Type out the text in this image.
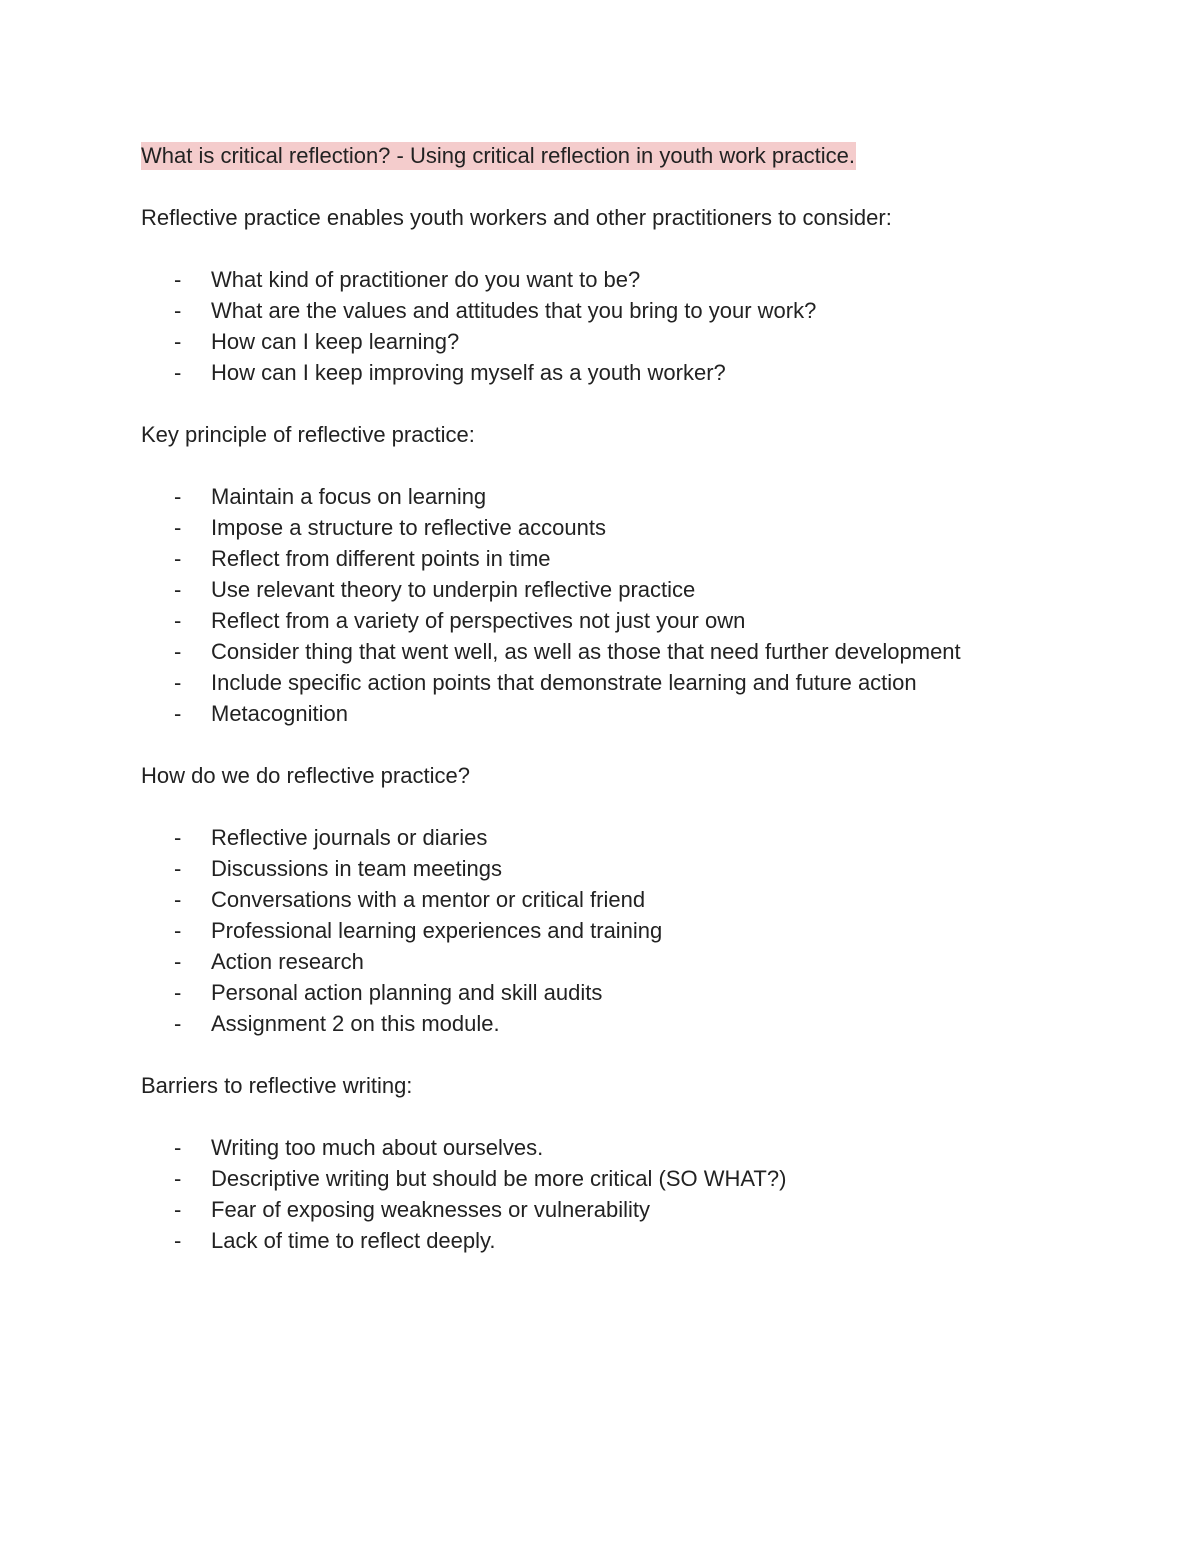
What is critical reflection? - Using critical reflection in youth work practice.
Reflective practice enables youth workers and other practitioners to consider:
- What kind of practitioner do you want to be?
- What are the values and attitudes that you bring to your work?
- How can I keep learning?
- How can I keep improving myself as a youth worker?
Key principle of reflective practice:
- Maintain a focus on learning
- Impose a structure to reflective accounts
- Reflect from different points in time
- Use relevant theory to underpin reflective practice
- Reflect from a variety of perspectives not just your own
- Consider thing that went well, as well as those that need further development
- Include specific action points that demonstrate learning and future action
- Metacognition
How do we do reflective practice?
- Reflective journals or diaries
- Discussions in team meetings
- Conversations with a mentor or critical friend
- Professional learning experiences and training
- Action research
- Personal action planning and skill audits
- Assignment 2 on this module.
Barriers to reflective writing:
- Writing too much about ourselves.
- Descriptive writing but should be more critical (SO WHAT?)
- Fear of exposing weaknesses or vulnerability
- Lack of time to reflect deeply.
